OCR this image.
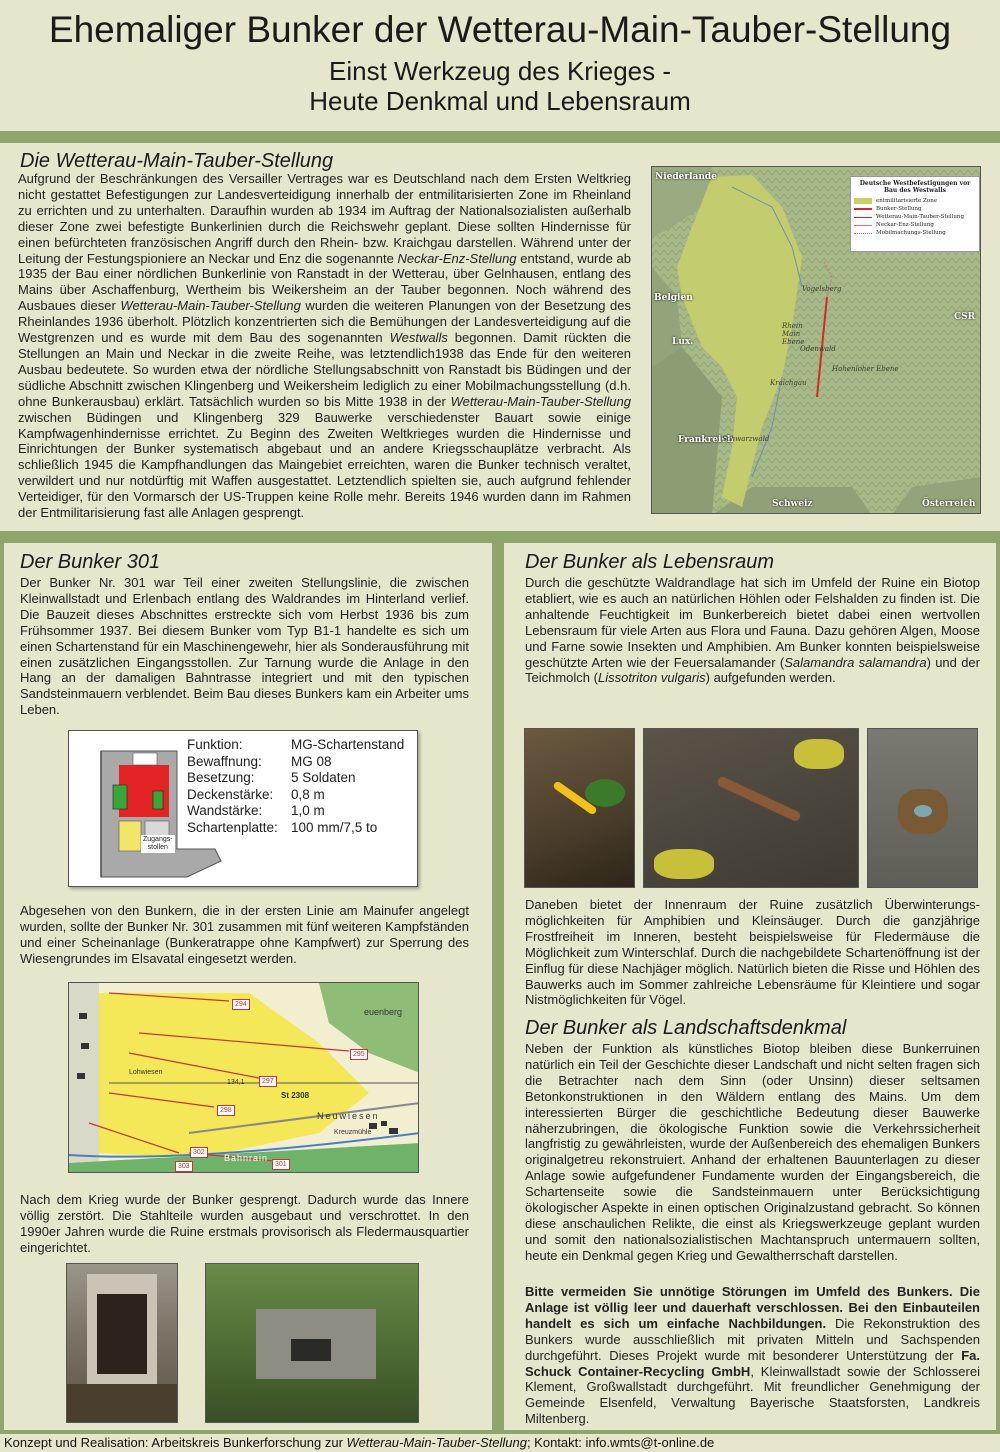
Ehemaliger Bunker der Wetterau-Main-Tauber-Stellung
Einst Werkzeug des Krieges -
Heute Denkmal und Lebensraum
Die Wetterau-Main-Tauber-Stellung
Aufgrund der Beschränkungen des Versailler Vertrages war es Deutschland nach dem Ersten Weltkrieg nicht gestattet Befestigungen zur Landesverteidigung innerhalb der entmilitarisierten Zone im Rheinland zu errichten und zu unterhalten. Daraufhin wurden ab 1934 im Auftrag der Nationalsozialisten außerhalb dieser Zone zwei befestigte Bunkerlinien durch die Reichswehr geplant. Diese sollten Hindernisse für einen befürchteten französischen Angriff durch den Rhein- bzw. Kraichgau darstellen. Während unter der Leitung der Festungspioniere an Neckar und Enz die sogenannte Neckar-Enz-Stellung entstand, wurde ab 1935 der Bau einer nördlichen Bunkerlinie von Ranstadt in der Wetterau, über Gelnhausen, entlang des Mains über Aschaffenburg, Wertheim bis Weikersheim an der Tauber begonnen. Noch während des Ausbaues dieser Wetterau-Main-Tauber-Stellung wurden die weiteren Planungen von der Besetzung des Rheinlandes 1936 überholt. Plötzlich konzentrierten sich die Bemühungen der Landesverteidigung auf die Westgrenzen und es wurde mit dem Bau des sogenannten Westwalls begonnen. Damit rückten die Stellungen an Main und Neckar in die zweite Reihe, was letztendlich1938 das Ende für den weiteren Ausbau bedeutete. So wurden etwa der nördliche Stellungsabschnitt von Ranstadt bis Büdingen und der südliche Abschnitt zwischen Klingenberg und Weikersheim lediglich zu einer Mobilmachungsstellung (d.h. ohne Bunkerausbau) erklärt. Tatsächlich wurden so bis Mitte 1938 in der Wetterau-Main-Tauber-Stellung zwischen Büdingen und Klingenberg 329 Bauwerke verschiedenster Bauart sowie einige Kampfwagenhindernisse errichtet. Zu Beginn des Zweiten Weltkrieges wurden die Hindernisse und Einrichtungen der Bunker systematisch abgebaut und an andere Kriegsschauplätze verbracht. Als schließlich 1945 die Kampfhandlungen das Maingebiet erreichten, waren die Bunker technisch veraltet, verwildert und nur notdürftig mit Waffen ausgestattet. Letztendlich spielten sie, auch aufgrund fehlender Verteidiger, für den Vormarsch der US-Truppen keine Rolle mehr. Bereits 1946 wurden dann im Rahmen der Entmilitarisierung fast alle Anlagen gesprengt.
Niederlande
Belgien
Lux.
Frankreich
Schweiz	Österreich
CSR
Rhein Main Ebene
Vogelsberg
Odenwald
Kraichgau
Schwarzwald
Hohenloher Ebene
Deutsche Westbefestigungen vor Bau des Westwalls
entmilitarisierte Zone
Bunker-Stellung
Wetterau-Main-Tauber-Stellung
Neckar-Enz-Stellung
Mobilmachungs-Stellung
Der Bunker 301
Der Bunker Nr. 301 war Teil einer zweiten Stellungslinie, die zwischen Kleinwallstadt und Erlenbach entlang des Waldrandes im Hinterland verlief. Die Bauzeit dieses Abschnittes erstreckte sich vom Herbst 1936 bis zum Frühsommer 1937. Bei diesem Bunker vom Typ B1-1 handelte es sich um einen Schartenstand für ein Maschinengewehr, hier als Sonderausführung mit einen zusätzlichen Eingangsstollen. Zur Tarnung wurde die Anlage in den Hang an der damaligen Bahntrasse integriert und mit den typischen Sandsteinmauern verblendet. Beim Bau dieses Bunkers kam ein Arbeiter ums Leben.
Zugangs-
stollen
Funktion:	MG-Schartenstand
Bewaffnung:	MG 08
Besetzung:	5 Soldaten
Deckenstärke:	0,8 m
Wandstärke:	1,0 m
Schartenplatte: 100 mm/7,5 to
Abgesehen von den Bunkern, die in der ersten Linie am Mainufer angelegt wurden, sollte der Bunker Nr. 301 zusammen mit fünf weiteren Kampfständen und einer Scheinanlage (Bunkeratrappe ohne Kampfwert) zur Sperrung des Wiesengrundes im Elsavatal eingesetzt werden.
294
295
297
298
302
303	301
Neuwiesen
St 2308
Kreuzmühle
Lohwiesen
Bahnrain
euenberg
134,1
Nach dem Krieg wurde der Bunker gesprengt. Dadurch wurde das Innere völlig zerstört. Die Stahlteile wurden ausgebaut und verschrottet. In den 1990er Jahren wurde die Ruine erstmals provisorisch als Fledermausquartier eingerichtet.
Der Bunker als Lebensraum
Durch die geschützte Waldrandlage hat sich im Umfeld der Ruine ein Biotop etabliert, wie es auch an natürlichen Höhlen oder Felshalden zu finden ist. Die anhaltende Feuchtigkeit im Bunkerbereich bietet dabei einen wertvollen Lebensraum für viele Arten aus Flora und Fauna. Dazu gehören Algen, Moose und Farne sowie Insekten und Amphibien. Am Bunker konnten beispielsweise geschützte Arten wie der Feuersalamander (Salamandra salamandra) und der Teichmolch (Lissotriton vulgaris) aufgefunden werden.
Daneben bietet der Innenraum der Ruine zusätzlich Überwinterungs-möglichkeiten für Amphibien und Kleinsäuger. Durch die ganzjährige Frostfreiheit im Inneren, besteht beispielsweise für Fledermäuse die Möglichkeit zum Winterschlaf. Durch die nachgebildete Schartenöffnung ist der Einflug für diese Nachjäger möglich. Natürlich bieten die Risse und Höhlen des Bauwerks auch im Sommer zahlreiche Lebensräume für Kleintiere und sogar Nistmöglichkeiten für Vögel.
Der Bunker als Landschaftsdenkmal
Neben der Funktion als künstliches Biotop bleiben diese Bunkerruinen natürlich ein Teil der Geschichte dieser Landschaft und nicht selten fragen sich die Betrachter nach dem Sinn (oder Unsinn) dieser seltsamen Betonkonstruktionen in den Wäldern entlang des Mains. Um dem interessierten Bürger die geschichtliche Bedeutung dieser Bauwerke näherzubringen, die ökologische Funktion sowie die Verkehrssicherheit langfristig zu gewährleisten, wurde der Außenbereich des ehemaligen Bunkers originalgetreu rekonstruiert. Anhand der erhaltenen Bauunterlagen zu dieser Anlage sowie aufgefundener Fundamente wurden der Eingangsbereich, die Schartenseite sowie die Sandsteinmauern unter Berücksichtigung ökologischer Aspekte in einen optischen Originalzustand gebracht. So können diese anschaulichen Relikte, die einst als Kriegswerkzeuge geplant wurden und somit den nationalsozialistischen Machtanspruch untermauern sollten, heute ein Denkmal gegen Krieg und Gewaltherrschaft darstellen.
Bitte vermeiden Sie unnötige Störungen im Umfeld des Bunkers. Die Anlage ist völlig leer und dauerhaft verschlossen. Bei den Einbauteilen handelt es sich um einfache Nachbildungen. Die Rekonstruktion des Bunkers wurde ausschließlich mit privaten Mitteln und Sachspenden durchgeführt. Dieses Projekt wurde mit besonderer Unterstützung der Fa. Schuck Container-Recycling GmbH, Kleinwallstadt sowie der Schlosserei Klement, Großwallstadt durchgeführt. Mit freundlicher Genehmigung der Gemeinde Elsenfeld, Verwaltung Bayerische Staatsforsten, Landkreis Miltenberg.
Konzept und Realisation: Arbeitskreis Bunkerforschung zur Wetterau-Main-Tauber-Stellung; Kontakt: info.wmts@t-online.de
